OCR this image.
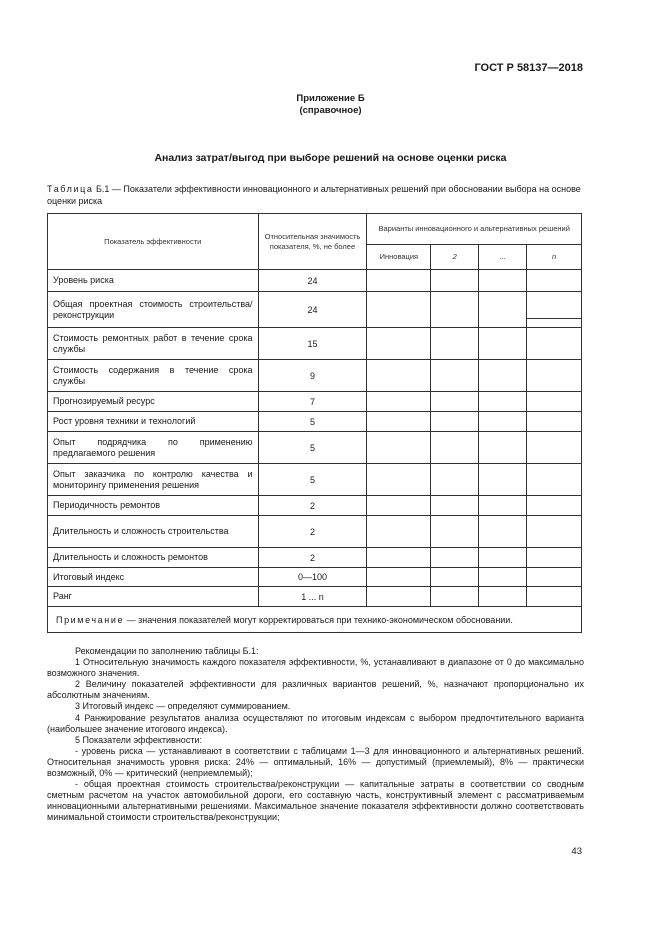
ГОСТ Р 58137—2018
Приложение Б
(справочное)
Анализ затрат/выгод при выборе решений на основе оценки риска
Таблица Б.1 — Показатели эффективности инновационного и альтернативных решений при обосновании выбора на основе оценки риска
Показатель эффективности	Относительная значимость показателя, %, не более	Варианты инновационного и альтернативных решений			
		Инновация	2	...	n
Уровень риска	24				

Общая проектная стоимость строительства/реконструкции	24				

Стоимость ремонтных работ в течение срока службы	15				

Стоимость содержания в течение срока службы	9				
Прогнозируемый ресурс	7				
Рост уровня техники и технологий	5				

Опыт подрядчика по применению предлагаемого решения	5				

Опыт заказчика по контролю качества и мониторингу применения решения	5				
Периодичность ремонтов	2				
Длительность и сложность строительства	2				
Длительность и сложность ремонтов	2				
Итоговый индекс	0—100				
Ранг	1 ... n				
Примечание — значения показателей могут корректироваться при технико-экономическом обосновании.					

Рекомендации по заполнению таблицы Б.1:

1 Относительную значимость каждого показателя эффективности, %, устанавливают в диапазоне от 0 до максимально возможного значения.

2 Величину показателей эффективности для различных вариантов решений, %, назначают пропорционально их абсолютным значениям.

3 Итоговый индекс — определяют суммированием.

4 Ранжирование результатов анализа осуществляют по итоговым индексам с выбором предпочтительного варианта (наибольшее значение итогового индекса).

5 Показатели эффективности:

- уровень риска — устанавливают в соответствии с таблицами 1—3 для инновационного и альтернативных решений. Относительная значимость уровня риска: 24% — оптимальный, 16% — допустимый (приемлемый), 8% — практически возможный, 0% — критический (неприемлемый);

- общая проектная стоимость строительства/реконструкции — капитальные затраты в соответствии со сводным сметным расчетом на участок автомобильной дороги, его составную часть, конструктивный элемент с рассматриваемым инновационными альтернативными решениями. Максимальное значение показателя эффективности должно соответствовать минимальной стоимости строительства/реконструкции;

43
